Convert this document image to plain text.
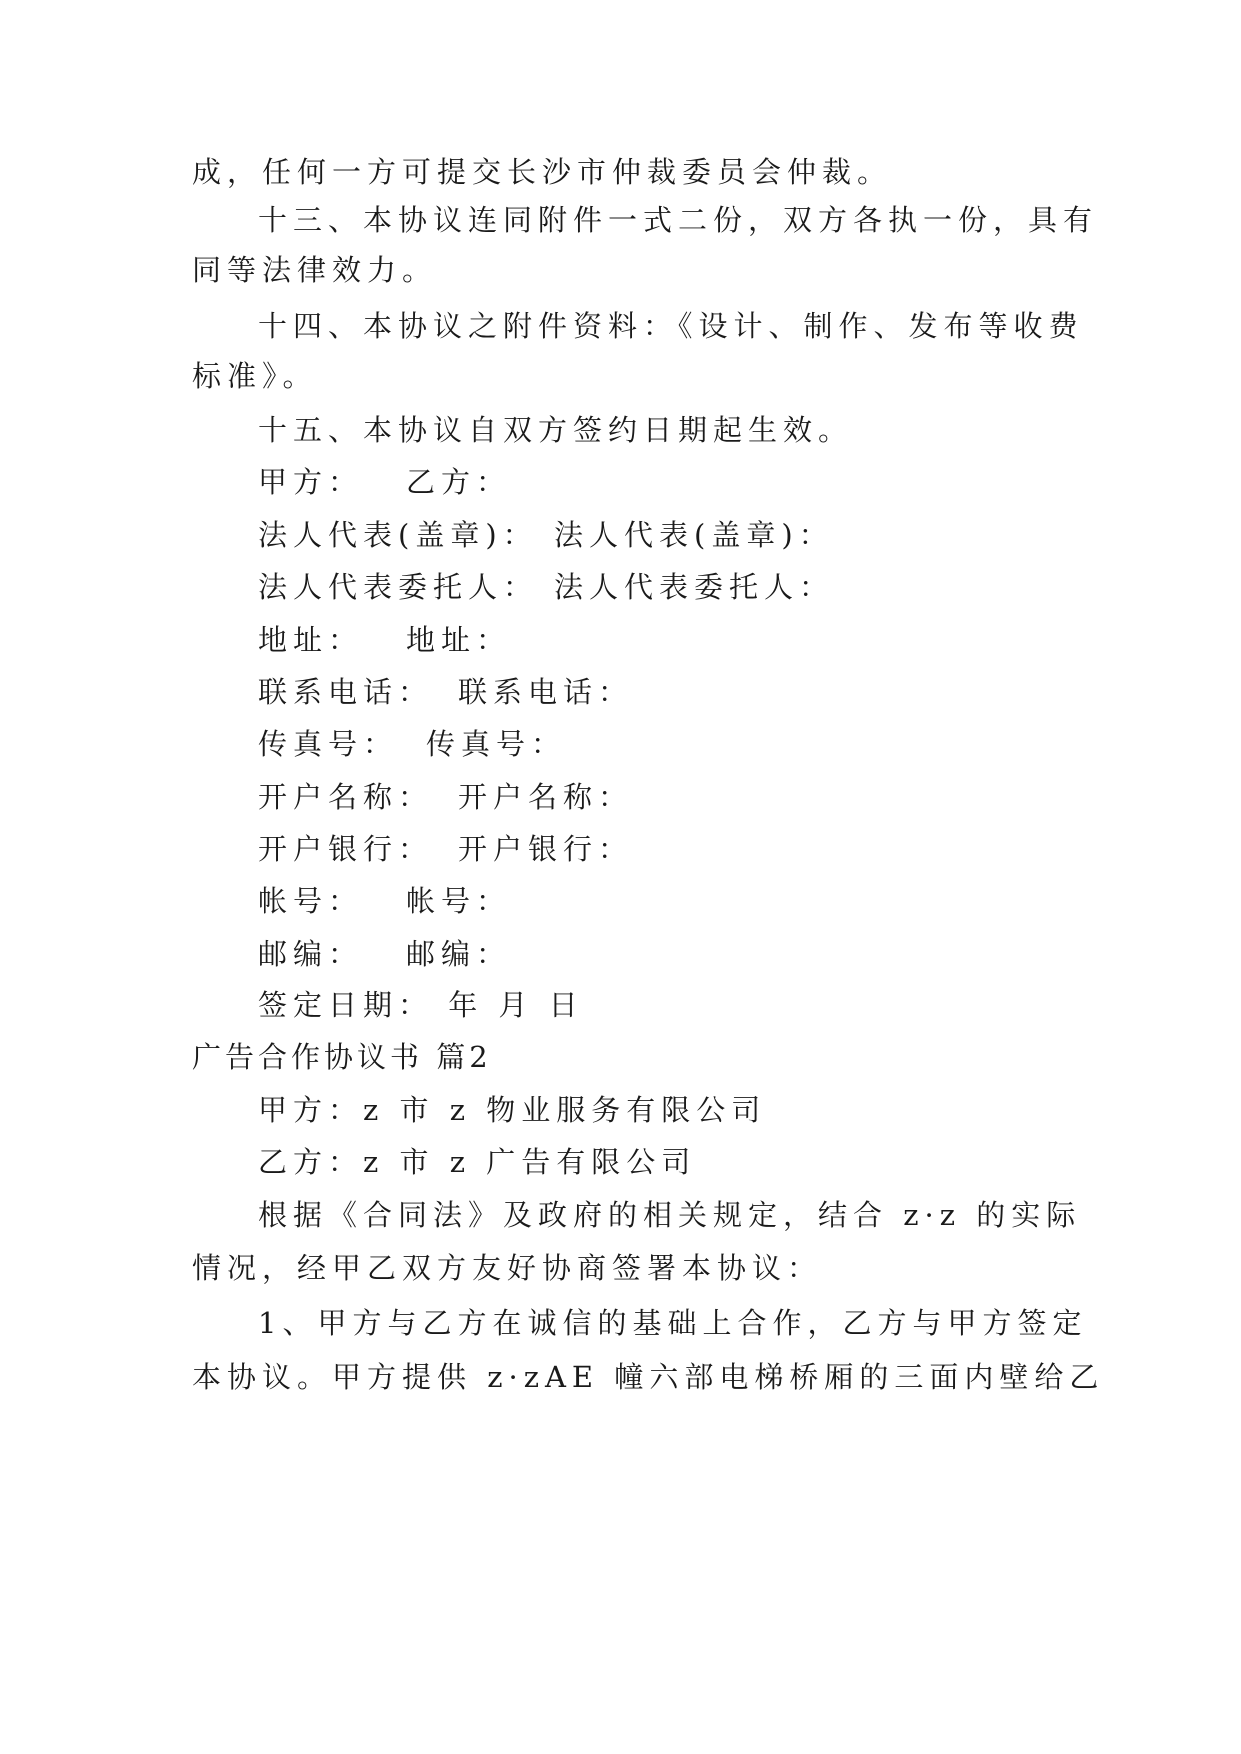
成，任何一方可提交长沙市仲裁委员会仲裁。
十三、本协议连同附件一式二份，双方各执一份，具有
同等法律效力。
十四、本协议之附件资料：《设计、制作、发布等收费
标准》。
十五、本协议自双方签约日期起生效。
甲方： 乙方：
法人代表(盖章)： 法人代表(盖章)：
法人代表委托人： 法人代表委托人：
地址： 地址：
联系电话： 联系电话：
传真号： 传真号：
开户名称： 开户名称：
开户银行： 开户银行：
帐号： 帐号：
邮编： 邮编：
签定日期： 年 月 日
广告合作协议书 篇2
甲方：z 市 z 物业服务有限公司
乙方：z 市 z 广告有限公司
根据《合同法》及政府的相关规定，结合 z·z 的实际
情况，经甲乙双方友好协商签署本协议：
1、甲方与乙方在诚信的基础上合作，乙方与甲方签定
本协议。甲方提供 z·zAE 幢六部电梯桥厢的三面内壁给乙
